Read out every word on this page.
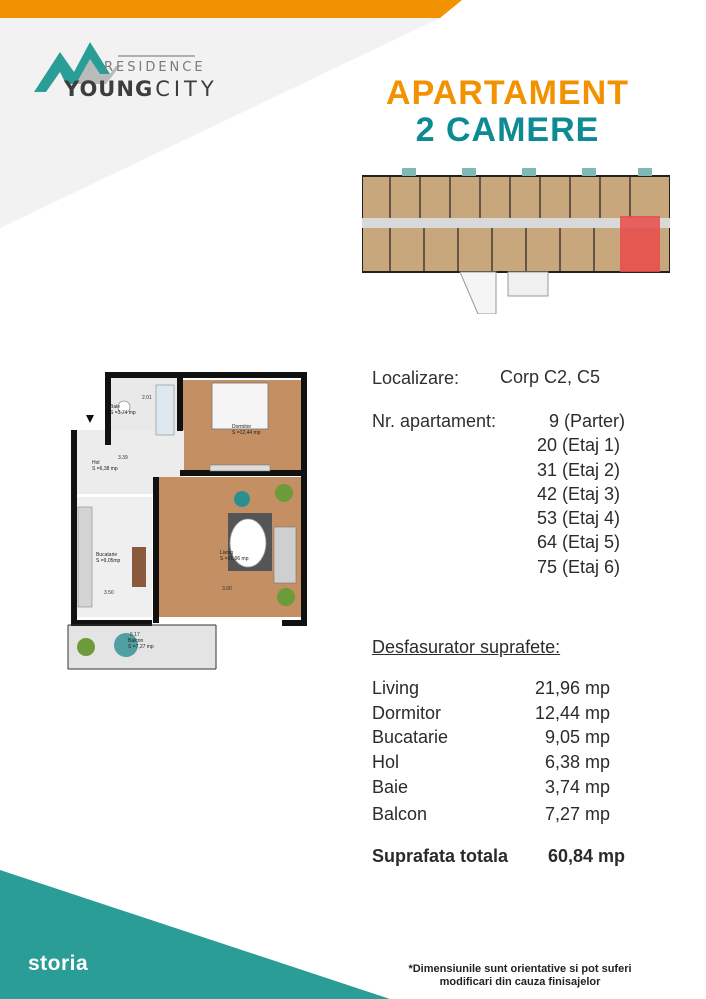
RESIDENCE
YOUNGCITY	APARTAMENT
2 CAMERE
Baie
S =3,74 mp
Dormitor
S =12,44 mp
Hol
S =6,38 mp
Bucatarie
S =9,05mp
Living
S =21,96 mp
Balcon
S =7,27 mp
2.01
3.39
3.50
3.00
6.17
Localizare: Corp C2, C5
Nr. apartament:	9 (Parter)
20 (Etaj 1)
31 (Etaj 2)
42 (Etaj 3)
53 (Etaj 4)
64 (Etaj 5)
75 (Etaj 6)
Desfasurator suprafete:
Living	21,96 mp
Dormitor	12,44 mp
Bucatarie	9,05 mp
Hol	6,38 mp
Baie	3,74 mp
Balcon	7,27 mp
Suprafata totala 60,84 mp
storia	*Dimensiunile sunt orientative si pot suferi modificari din cauza finisajelor
